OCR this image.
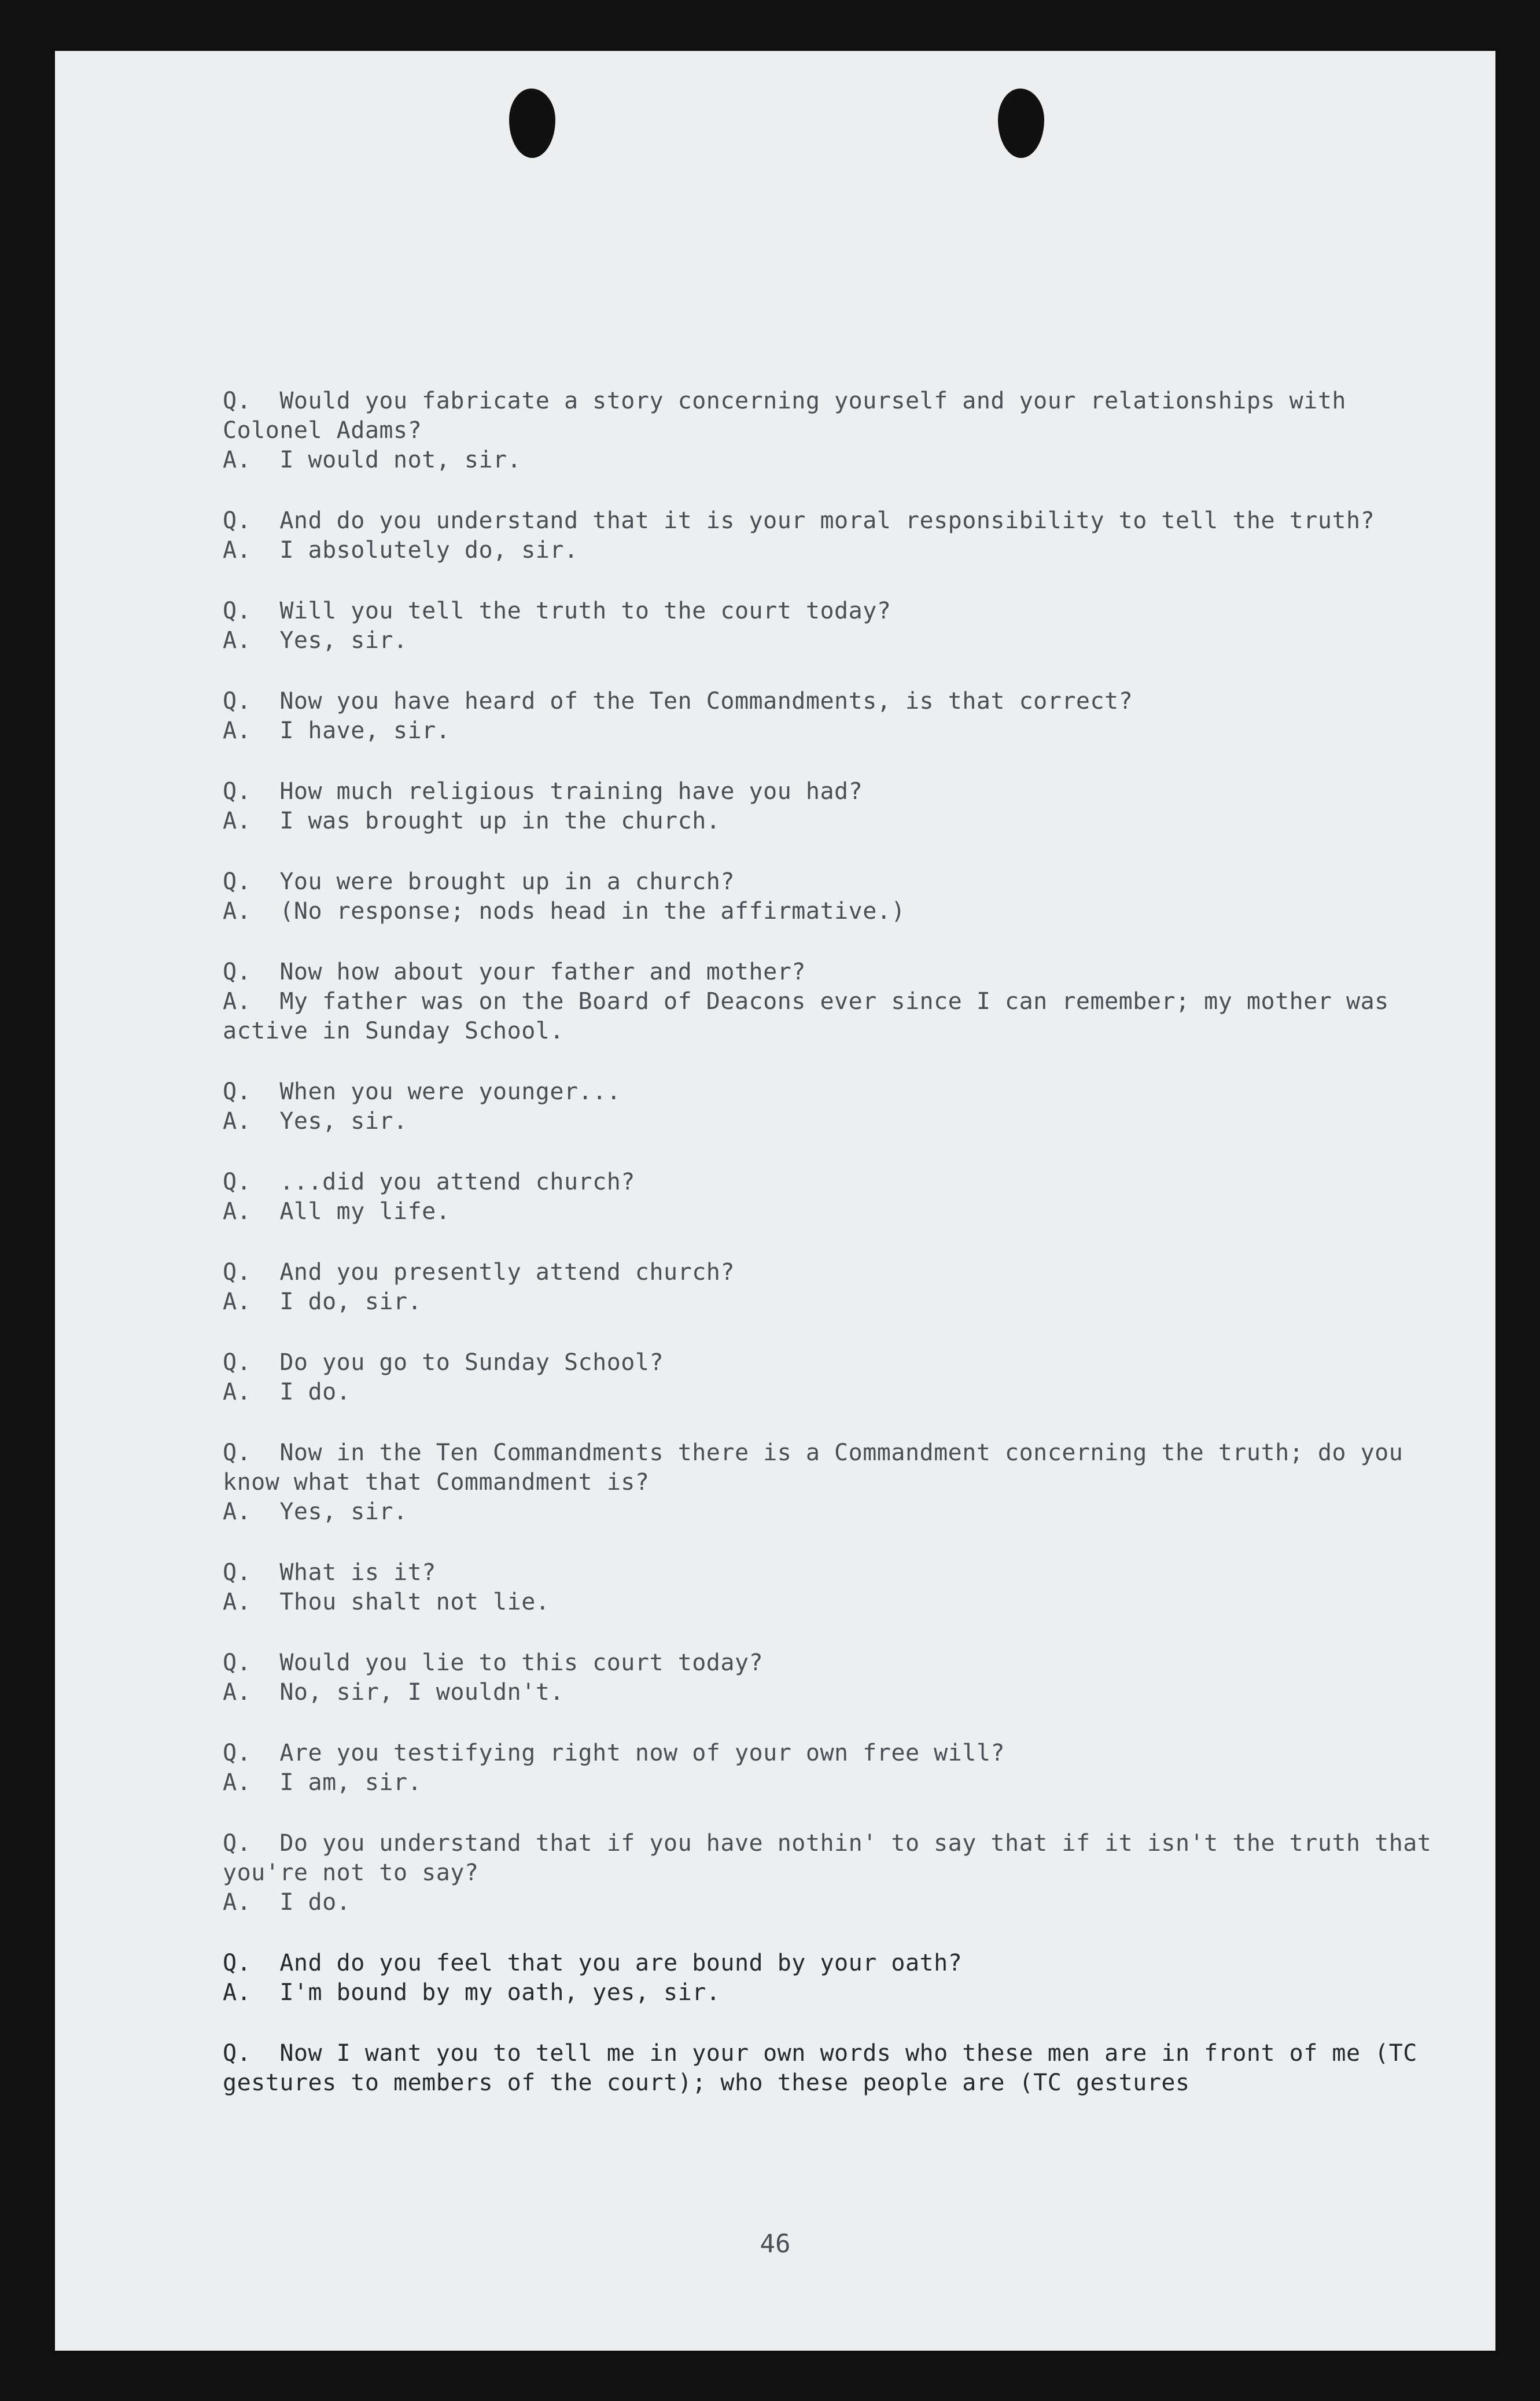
Q.  Would you fabricate a story concerning yourself and your relationships with Colonel Adams?
A.  I would not, sir.
Q.  And do you understand that it is your moral responsibility to tell the truth?
A.  I absolutely do, sir.
Q.  Will you tell the truth to the court today?
A.  Yes, sir.
Q.  Now you have heard of the Ten Commandments, is that correct?
A.  I have, sir.
Q.  How much religious training have you had?
A.  I was brought up in the church.
Q.  You were brought up in a church?
A.  (No response; nods head in the affirmative.)
Q.  Now how about your father and mother?
A.  My father was on the Board of Deacons ever since I can remember; my mother was active in Sunday School.
Q.  When you were younger...
A.  Yes, sir.
Q.  ...did you attend church?
A.  All my life.
Q.  And you presently attend church?
A.  I do, sir.
Q.  Do you go to Sunday School?
A.  I do.
Q.  Now in the Ten Commandments there is a Commandment concerning the truth; do you know what that Commandment is?
A.  Yes, sir.
Q.  What is it?
A.  Thou shalt not lie.
Q.  Would you lie to this court today?
A.  No, sir, I wouldn't.
Q.  Are you testifying right now of your own free will?
A.  I am, sir.
Q.  Do you understand that if you have nothin' to say that if it isn't the truth that you're not to say?
A.  I do.
Q.  And do you feel that you are bound by your oath?
A.  I'm bound by my oath, yes, sir.
Q.  Now I want you to tell me in your own words who these men are in front of me (TC gestures to members of the court); who these people are (TC gestures
46
